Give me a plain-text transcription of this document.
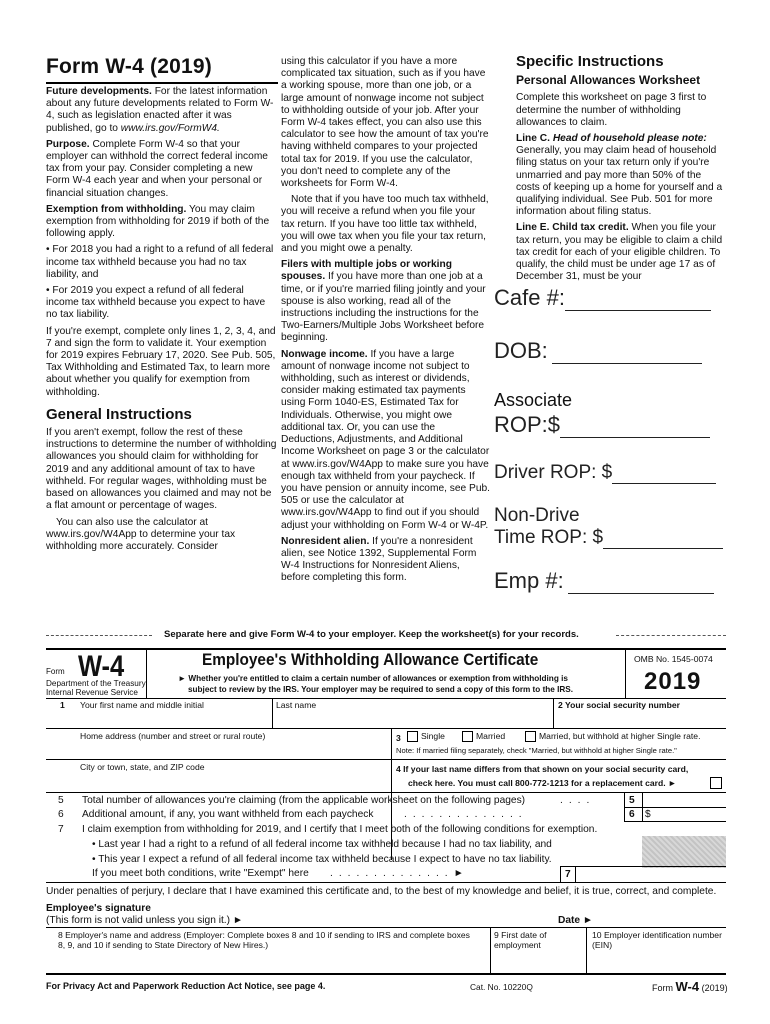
Form W-4 (2019)

Future developments. For the latest information about any future developments related to Form W-4, such as legislation enacted after it was published, go to www.irs.gov/FormW4.

Purpose. Complete Form W-4 so that your employer can withhold the correct federal income tax from your pay. Consider completing a new Form W-4 each year and when your personal or financial situation changes.

Exemption from withholding. You may claim exemption from withholding for 2019 if both of the following apply.

• For 2018 you had a right to a refund of all federal income tax withheld because you had no tax liability, and

• For 2019 you expect a refund of all federal income tax withheld because you expect to have no tax liability.

If you're exempt, complete only lines 1, 2, 3, 4, and 7 and sign the form to validate it. Your exemption for 2019 expires February 17, 2020. See Pub. 505, Tax Withholding and Estimated Tax, to learn more about whether you qualify for exemption from withholding.

General Instructions

If you aren't exempt, follow the rest of these instructions to determine the number of withholding allowances you should claim for withholding for 2019 and any additional amount of tax to have withheld. For regular wages, withholding must be based on allowances you claimed and may not be a flat amount or percentage of wages.

You can also use the calculator at www.irs.gov/W4App to determine your tax withholding more accurately. Consider

using this calculator if you have a more complicated tax situation, such as if you have a working spouse, more than one job, or a large amount of nonwage income not subject to withholding outside of your job. After your Form W-4 takes effect, you can also use this calculator to see how the amount of tax you're having withheld compares to your projected total tax for 2019. If you use the calculator, you don't need to complete any of the worksheets for Form W-4.

Note that if you have too much tax withheld, you will receive a refund when you file your tax return. If you have too little tax withheld, you will owe tax when you file your tax return, and you might owe a penalty.

Filers with multiple jobs or working spouses. If you have more than one job at a time, or if you're married filing jointly and your spouse is also working, read all of the instructions including the instructions for the Two-Earners/Multiple Jobs Worksheet before beginning.

Nonwage income. If you have a large amount of nonwage income not subject to withholding, such as interest or dividends, consider making estimated tax payments using Form 1040-ES, Estimated Tax for Individuals. Otherwise, you might owe additional tax. Or, you can use the Deductions, Adjustments, and Additional Income Worksheet on page 3 or the calculator at www.irs.gov/W4App to make sure you have enough tax withheld from your paycheck. If you have pension or annuity income, see Pub. 505 or use the calculator at www.irs.gov/W4App to find out if you should adjust your withholding on Form W-4 or W-4P.

Nonresident alien. If you're a nonresident alien, see Notice 1392, Supplemental Form W-4 Instructions for Nonresident Aliens, before completing this form.

Specific Instructions
Personal Allowances Worksheet

Complete this worksheet on page 3 first to determine the number of withholding allowances to claim.

Line C. Head of household please note: Generally, you may claim head of household filing status on your tax return only if you're unmarried and pay more than 50% of the costs of keeping up a home for yourself and a qualifying individual. See Pub. 501 for more information about filing status.

Line E. Child tax credit. When you file your tax return, you may be eligible to claim a child tax credit for each of your eligible children. To qualify, the child must be under age 17 as of December 31, must be your

Cafe #:
DOB:
Associate
ROP:$
Driver ROP: $
Non-Drive
Time ROP: $
Emp #:
Separate here and give Form W-4 to your employer. Keep the worksheet(s) for your records.
Form W-4
Department of the Treasury
Internal Revenue Service
Employee's Withholding Allowance Certificate
► Whether you're entitled to claim a certain number of allowances or exemption from withholding is
subject to review by the IRS. Your employer may be required to send a copy of this form to the IRS.
OMB No. 1545-0074
2019
1 Your first name and middle initial	Last name	2 Your social security number
Home address (number and street or rural route)	3	Single	Married	Married, but withhold at higher Single rate.
Note: If married filing separately, check "Married, but withhold at higher Single rate."
City or town, state, and ZIP code	4 If your last name differs from that shown on your social security card,
check here. You must call 800-772-1213 for a replacement card. ►
5 Total number of allowances you're claiming (from the applicable worksheet on the following pages)	....	5
6 Additional amount, if any, you want withheld from each paycheck	..............	6 $
7 I claim exemption from withholding for 2019, and I certify that I meet both of the following conditions for exemption.
• Last year I had a right to a refund of all federal income tax withheld because I had no tax liability, and
• This year I expect a refund of all federal income tax withheld because I expect to have no tax liability.
If you meet both conditions, write "Exempt" here ..............►	7
Under penalties of perjury, I declare that I have examined this certificate and, to the best of my knowledge and belief, it is true, correct, and complete.
Employee's signature
(This form is not valid unless you sign it.) ►	Date ►
8 Employer's name and address (Employer: Complete boxes 8 and 10 if sending to IRS and complete boxes 8, 9, and 10 if sending to State Directory of New Hires.)
9 First date of employment
10 Employer identification number (EIN)
For Privacy Act and Paperwork Reduction Act Notice, see page 4.	Cat. No. 10220Q	Form W-4 (2019)
